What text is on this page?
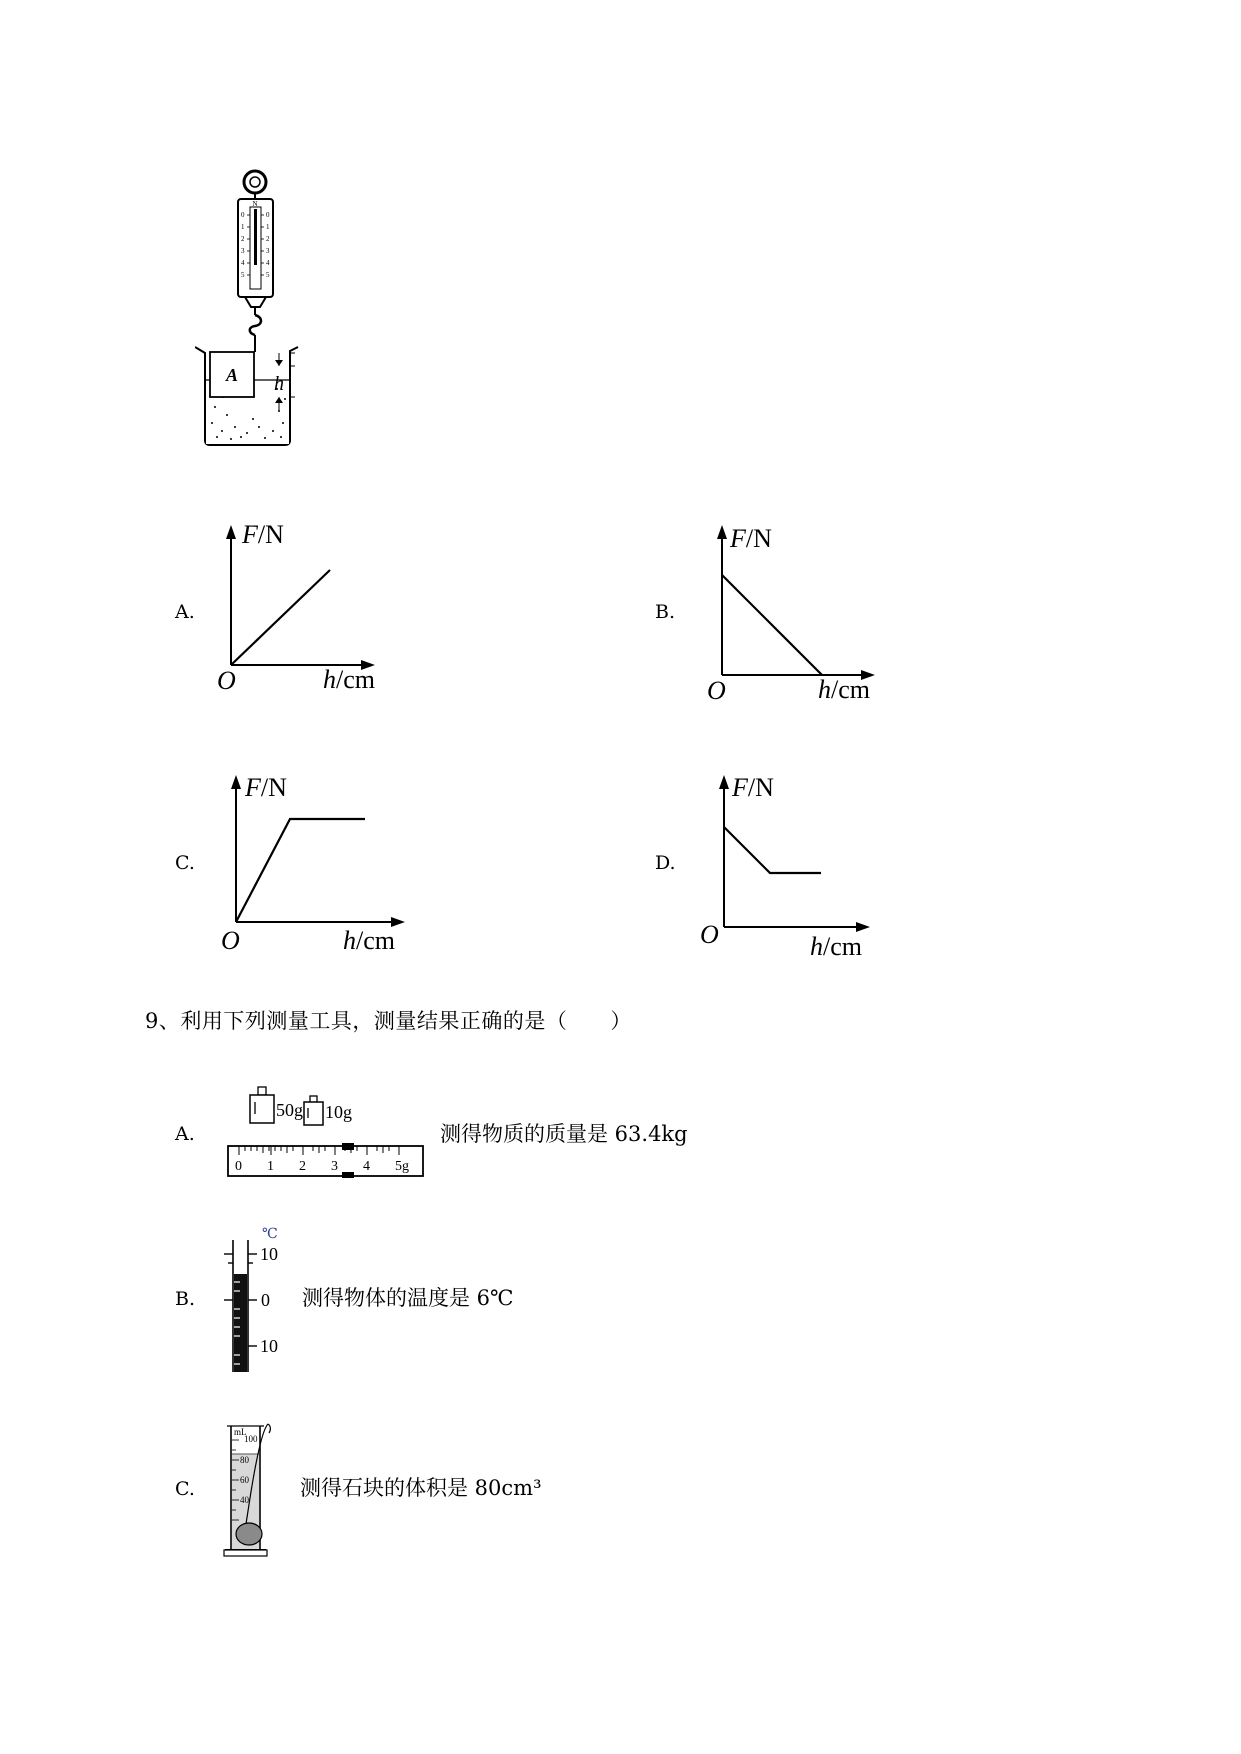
N
0
1
2
3
4
5
0
1
2
3
4
5
A h
A.
F/N
O	h/cm
B.
F/N
O	h/cm
C.
F/N
O	h/cm
D.
F/N
O	h/cm
9、利用下列测量工具，测量结果正确的是（　　）
A.
50g 10g
0 1 2 3 4 5g
测得物质的质量是 63.4kg
B.
℃
10
0
10
测得物体的温度是 6℃
C.
mL
100
80
60
40 测得石块的体积是 80cm³
